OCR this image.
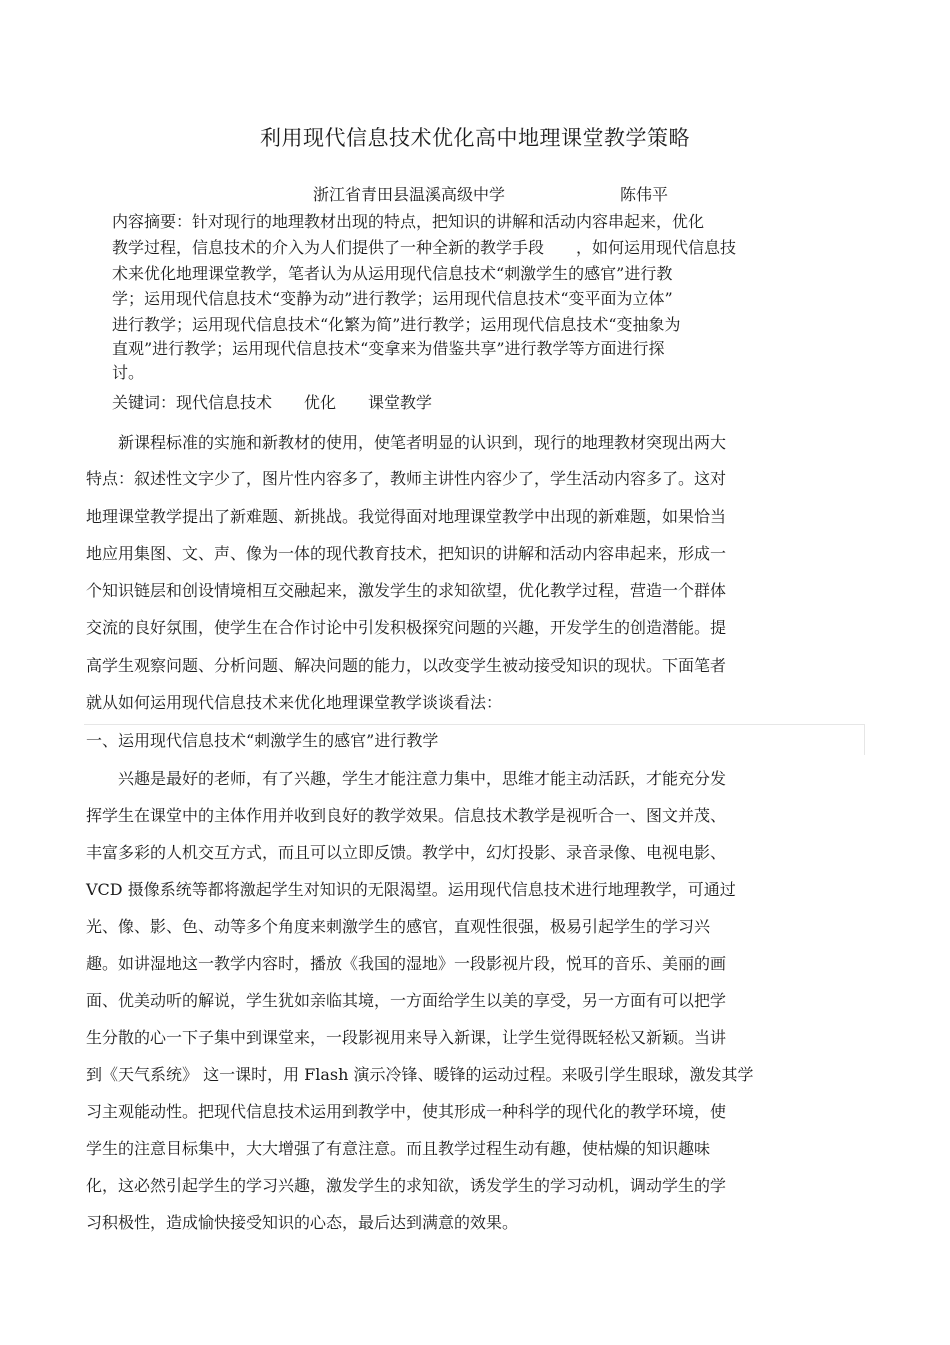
利用现代信息技术优化高中地理课堂教学策略
浙江省青田县温溪高级中学	陈伟平
内容摘要：针对现行的地理教材出现的特点，把知识的讲解和活动内容串起来，优化
教学过程，信息技术的介入为人们提供了一种全新的教学手段　　，如何运用现代信息技
术来优化地理课堂教学，笔者认为从运用现代信息技术“刺激学生的感官”进行教
学；运用现代信息技术“变静为动”进行教学；运用现代信息技术“变平面为立体”
进行教学；运用现代信息技术“化繁为简”进行教学；运用现代信息技术“变抽象为
直观”进行教学；运用现代信息技术“变拿来为借鉴共享”进行教学等方面进行探
讨。
关键词：现代信息技术　　优化　　课堂教学
　　新课程标准的实施和新教材的使用，使笔者明显的认识到，现行的地理教材突现出两大
特点：叙述性文字少了，图片性内容多了，教师主讲性内容少了，学生活动内容多了。这对
地理课堂教学提出了新难题、新挑战。我觉得面对地理课堂教学中出现的新难题，如果恰当
地应用集图、文、声、像为一体的现代教育技术，把知识的讲解和活动内容串起来，形成一
个知识链层和创设情境相互交融起来，激发学生的求知欲望，优化教学过程，营造一个群体
交流的良好氛围，使学生在合作讨论中引发积极探究问题的兴趣，开发学生的创造潜能。提
高学生观察问题、分析问题、解决问题的能力，以改变学生被动接受知识的现状。下面笔者
就从如何运用现代信息技术来优化地理课堂教学谈谈看法：
一、运用现代信息技术“刺激学生的感官”进行教学
　　兴趣是最好的老师，有了兴趣，学生才能注意力集中，思维才能主动活跃，才能充分发
挥学生在课堂中的主体作用并收到良好的教学效果。信息技术教学是视听合一、图文并茂、
丰富多彩的人机交互方式，而且可以立即反馈。教学中，幻灯投影、录音录像、电视电影、
VCD 摄像系统等都将激起学生对知识的无限渴望。运用现代信息技术进行地理教学，可通过
光、像、影、色、动等多个角度来刺激学生的感官，直观性很强，极易引起学生的学习兴
趣。如讲湿地这一教学内容时，播放《我国的湿地》一段影视片段，悦耳的音乐、美丽的画
面、优美动听的解说，学生犹如亲临其境，一方面给学生以美的享受，另一方面有可以把学
生分散的心一下子集中到课堂来，一段影视用来导入新课，让学生觉得既轻松又新颖。当讲
到《天气系统》 这一课时，用 Flash 演示冷锋、暖锋的运动过程。来吸引学生眼球，激发其学
习主观能动性。把现代信息技术运用到教学中，使其形成一种科学的现代化的教学环境，使
学生的注意目标集中，大大增强了有意注意。而且教学过程生动有趣，使枯燥的知识趣味
化，这必然引起学生的学习兴趣，激发学生的求知欲，诱发学生的学习动机，调动学生的学
习积极性，造成愉快接受知识的心态，最后达到满意的效果。
